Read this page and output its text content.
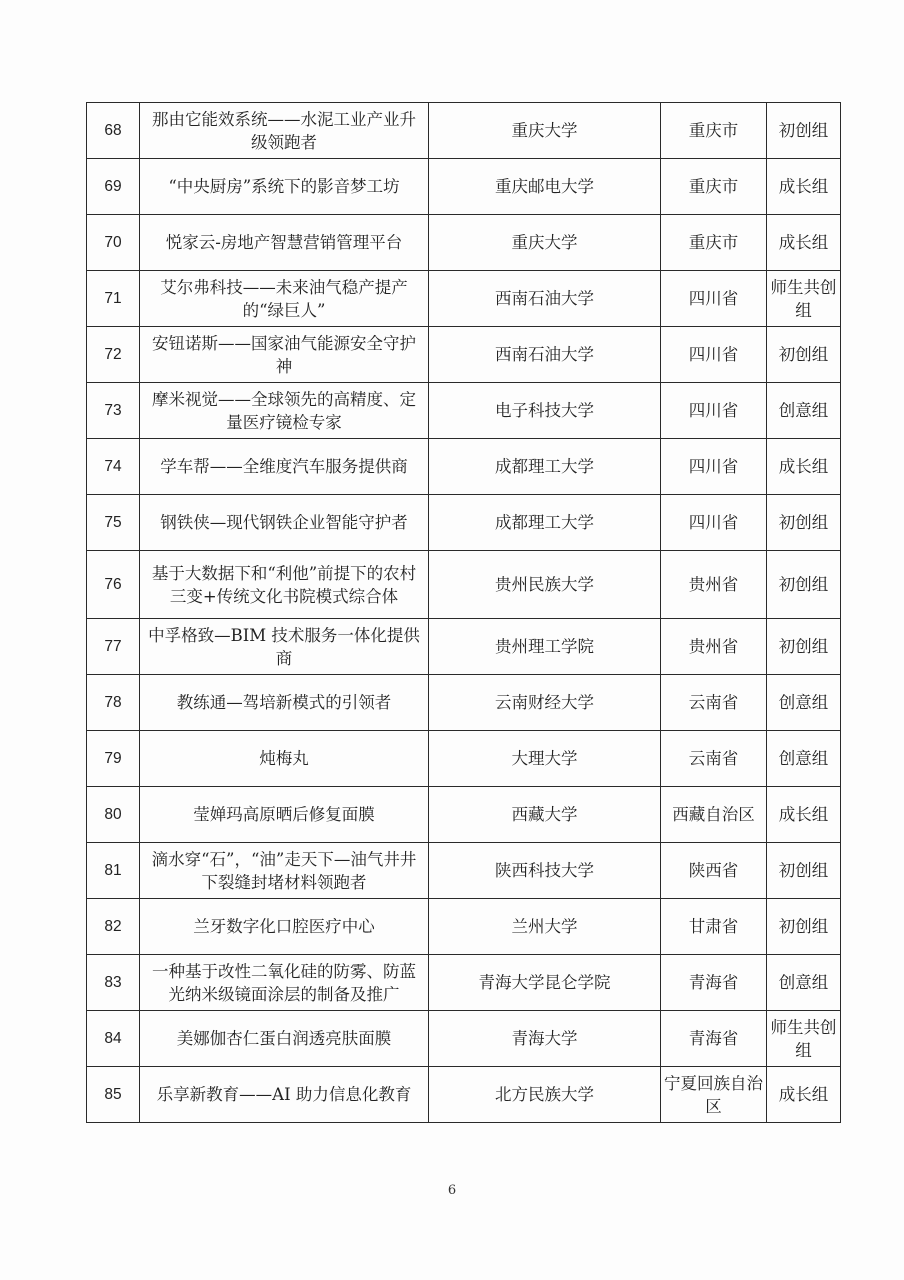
68	那由它能效系统——水泥工业产业升级领跑者	重庆大学	重庆市	初创组
69	“中央厨房”系统下的影音梦工坊	重庆邮电大学	重庆市	成长组
70	悦家云-房地产智慧营销管理平台	重庆大学	重庆市	成长组
71	艾尔弗科技——未来油气稳产提产的“绿巨人”	西南石油大学	四川省	师生共创组
72	安钮诺斯——国家油气能源安全守护神	西南石油大学	四川省	初创组
73	摩米视觉——全球领先的高精度、定量医疗镜检专家	电子科技大学	四川省	创意组
74	学车帮——全维度汽车服务提供商	成都理工大学	四川省	成长组
75	钢铁侠—现代钢铁企业智能守护者	成都理工大学	四川省	初创组
76	基于大数据下和“利他”前提下的农村三变+传统文化书院模式综合体	贵州民族大学	贵州省	初创组
77	中孚格致—BIM 技术服务一体化提供商	贵州理工学院	贵州省	初创组
78	教练通—驾培新模式的引领者	云南财经大学	云南省	创意组
79	炖梅丸	大理大学	云南省	创意组
80	莹婵玛高原晒后修复面膜	西藏大学	西藏自治区	成长组
81	滴水穿“石”，“油”走天下—油气井井下裂缝封堵材料领跑者	陕西科技大学	陕西省	初创组
82	兰牙数字化口腔医疗中心	兰州大学	甘肃省	初创组
83	一种基于改性二氧化硅的防雾、防蓝光纳米级镜面涂层的制备及推广	青海大学昆仑学院	青海省	创意组
84	美娜伽杏仁蛋白润透亮肤面膜	青海大学	青海省	师生共创组
85	乐享新教育——AI 助力信息化教育	北方民族大学	宁夏回族自治区	成长组
6
